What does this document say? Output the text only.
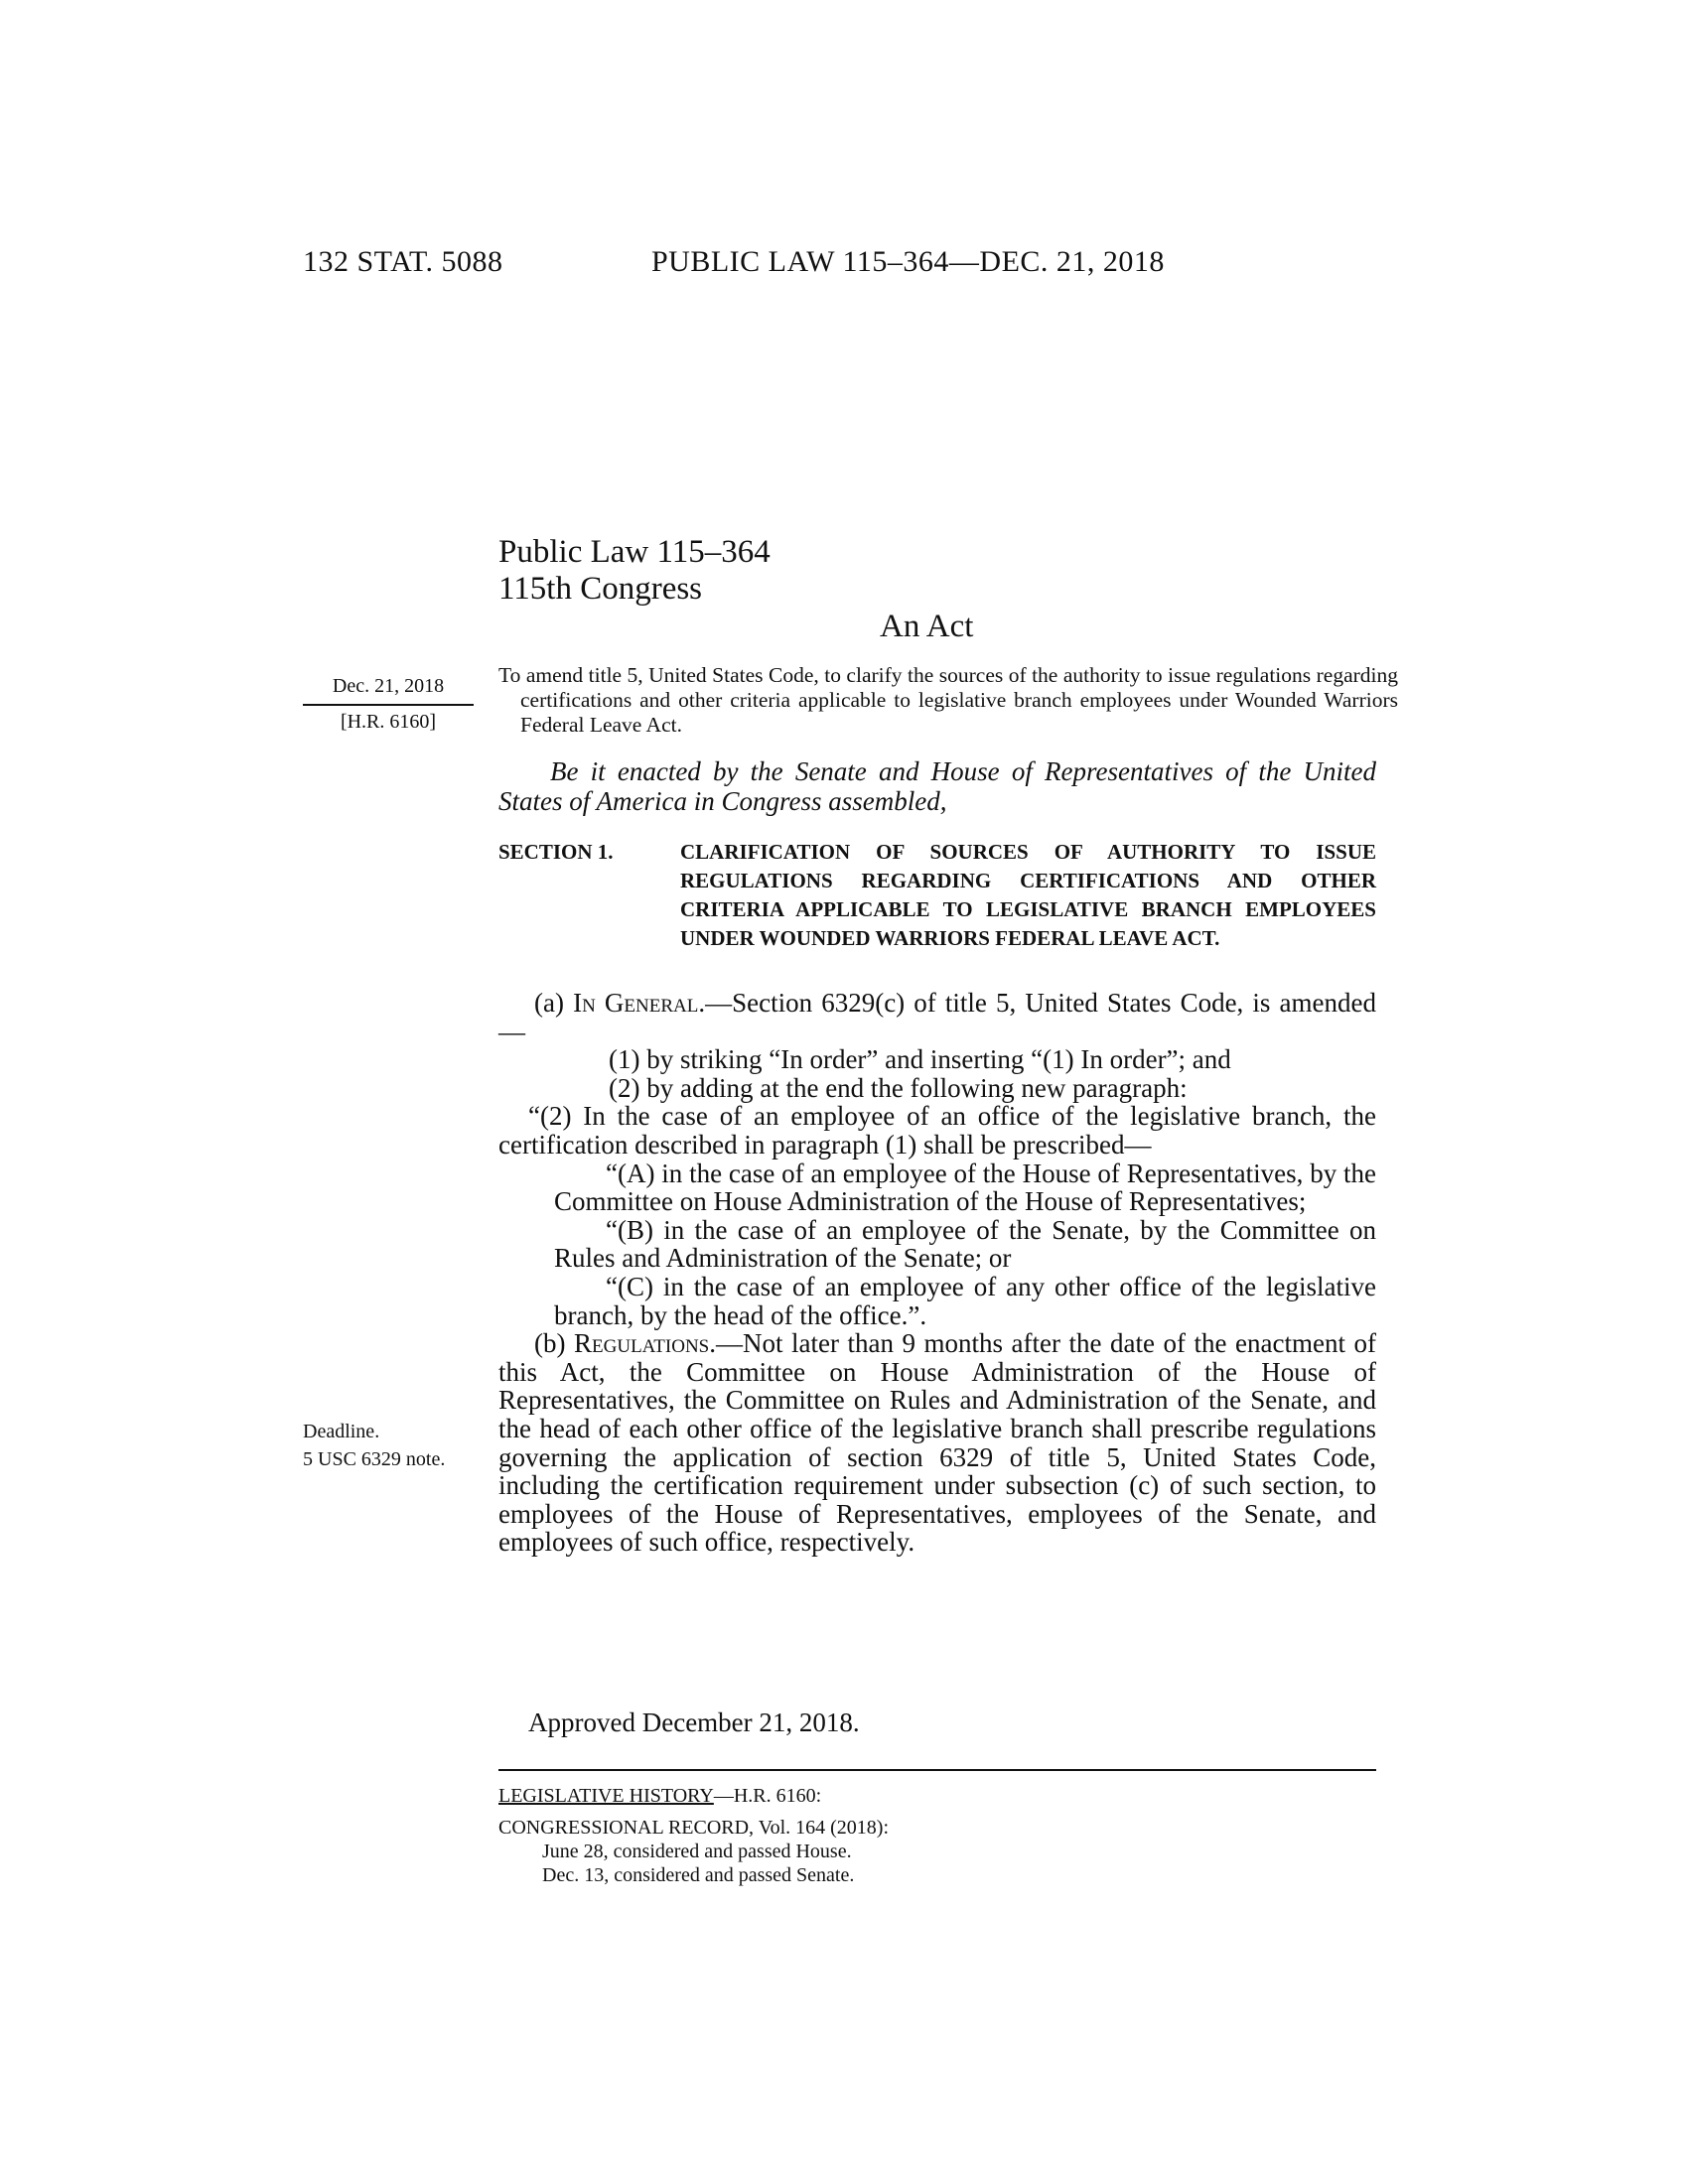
132 STAT. 5088	PUBLIC LAW 115–364—DEC. 21, 2018
Public Law 115–364
115th Congress
An Act
Dec. 21, 2018
[H.R. 6160]
Deadline.
5 USC 6329 note.
To amend title 5, United States Code, to clarify the sources of the authority to issue regulations regarding certifications and other criteria applicable to legislative branch employees under Wounded Warriors Federal Leave Act.
Be it enacted by the Senate and House of Representatives of the United States of America in Congress assembled,
SECTION 1.	CLARIFICATION OF SOURCES OF AUTHORITY TO ISSUE REGULATIONS REGARDING CERTIFICATIONS AND OTHER CRITERIA APPLICABLE TO LEGISLATIVE BRANCH EMPLOYEES UNDER WOUNDED WARRIORS FEDERAL LEAVE ACT.

(a) In General.—Section 6329(c) of title 5, United States Code, is amended—

(1) by striking “In order” and inserting “(1) In order”; and

(2) by adding at the end the following new paragraph:

“(2) In the case of an employee of an office of the legislative branch, the certification described in paragraph (1) shall be prescribed—

“(A) in the case of an employee of the House of Representatives, by the Committee on House Administration of the House of Representatives;

“(B) in the case of an employee of the Senate, by the Committee on Rules and Administration of the Senate; or

“(C) in the case of an employee of any other office of the legislative branch, by the head of the office.”.

(b) Regulations.—Not later than 9 months after the date of the enactment of this Act, the Committee on House Administration of the House of Representatives, the Committee on Rules and Administration of the Senate, and the head of each other office of the legislative branch shall prescribe regulations governing the application of section 6329 of title 5, United States Code, including the certification requirement under subsection (c) of such section, to employees of the House of Representatives, employees of the Senate, and employees of such office, respectively.

Approved December 21, 2018.
LEGISLATIVE HISTORY—H.R. 6160:
CONGRESSIONAL RECORD, Vol. 164 (2018):
June 28, considered and passed House.
Dec. 13, considered and passed Senate.
